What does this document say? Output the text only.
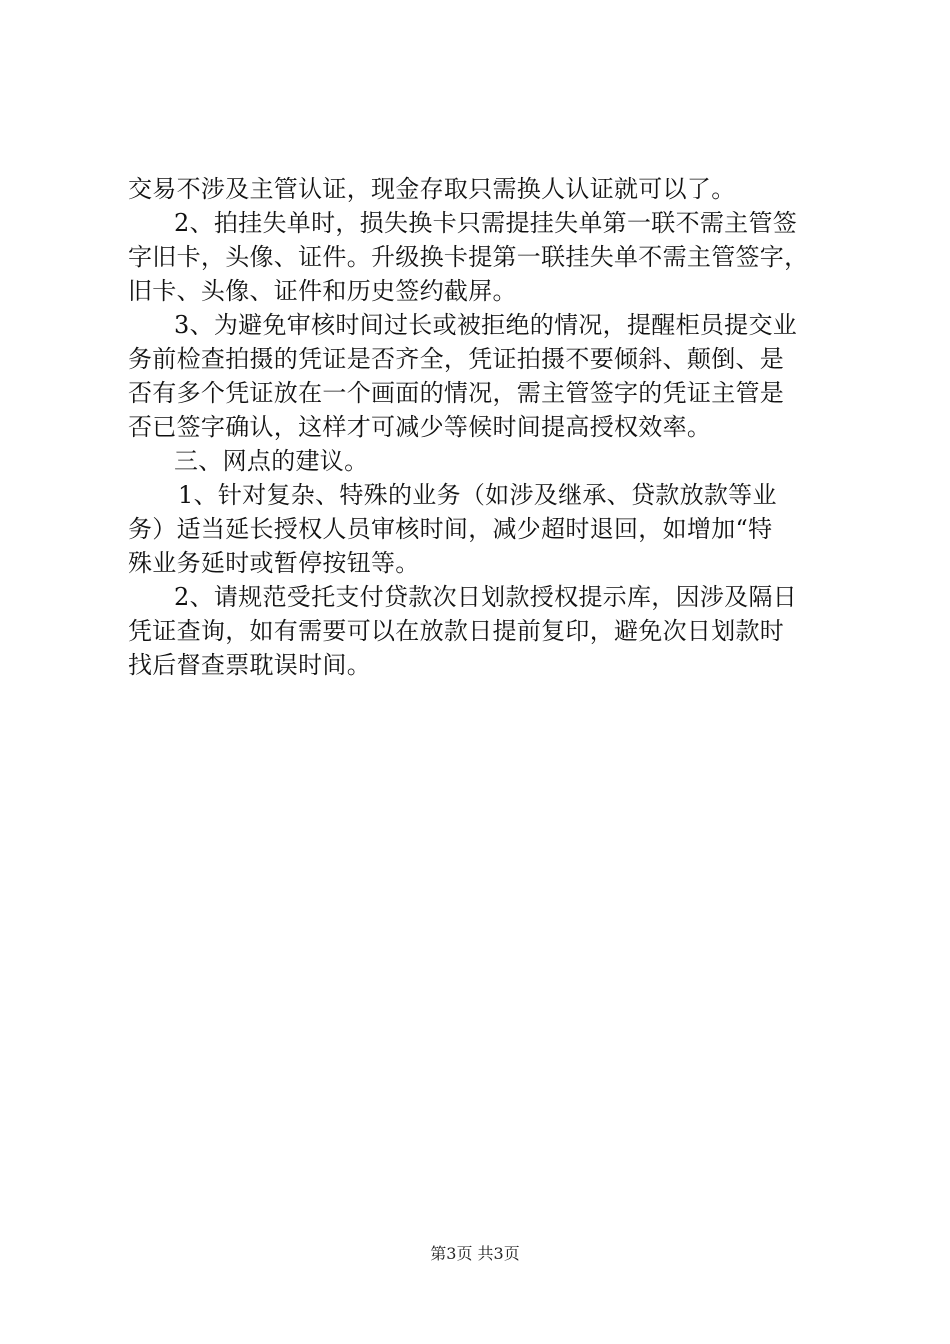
交易不涉及主管认证，现金存取只需换人认证就可以了。
2、拍挂失单时，损失换卡只需提挂失单第一联不需主管签
字旧卡，头像、证件。升级换卡提第一联挂失单不需主管签字，
旧卡、头像、证件和历史签约截屏。
3、为避免审核时间过长或被拒绝的情况，提醒柜员提交业
务前检查拍摄的凭证是否齐全，凭证拍摄不要倾斜、颠倒、是
否有多个凭证放在一个画面的情况，需主管签字的凭证主管是
否已签字确认，这样才可减少等候时间提高授权效率。
三、网点的建议。
1、针对复杂、特殊的业务（如涉及继承、贷款放款等业
务）适当延长授权人员审核时间，减少超时退回，如增加“特
殊业务延时或暂停按钮等。
2、请规范受托支付贷款次日划款授权提示库，因涉及隔日
凭证查询，如有需要可以在放款日提前复印，避免次日划款时
找后督查票耽误时间。
第3页 共3页
